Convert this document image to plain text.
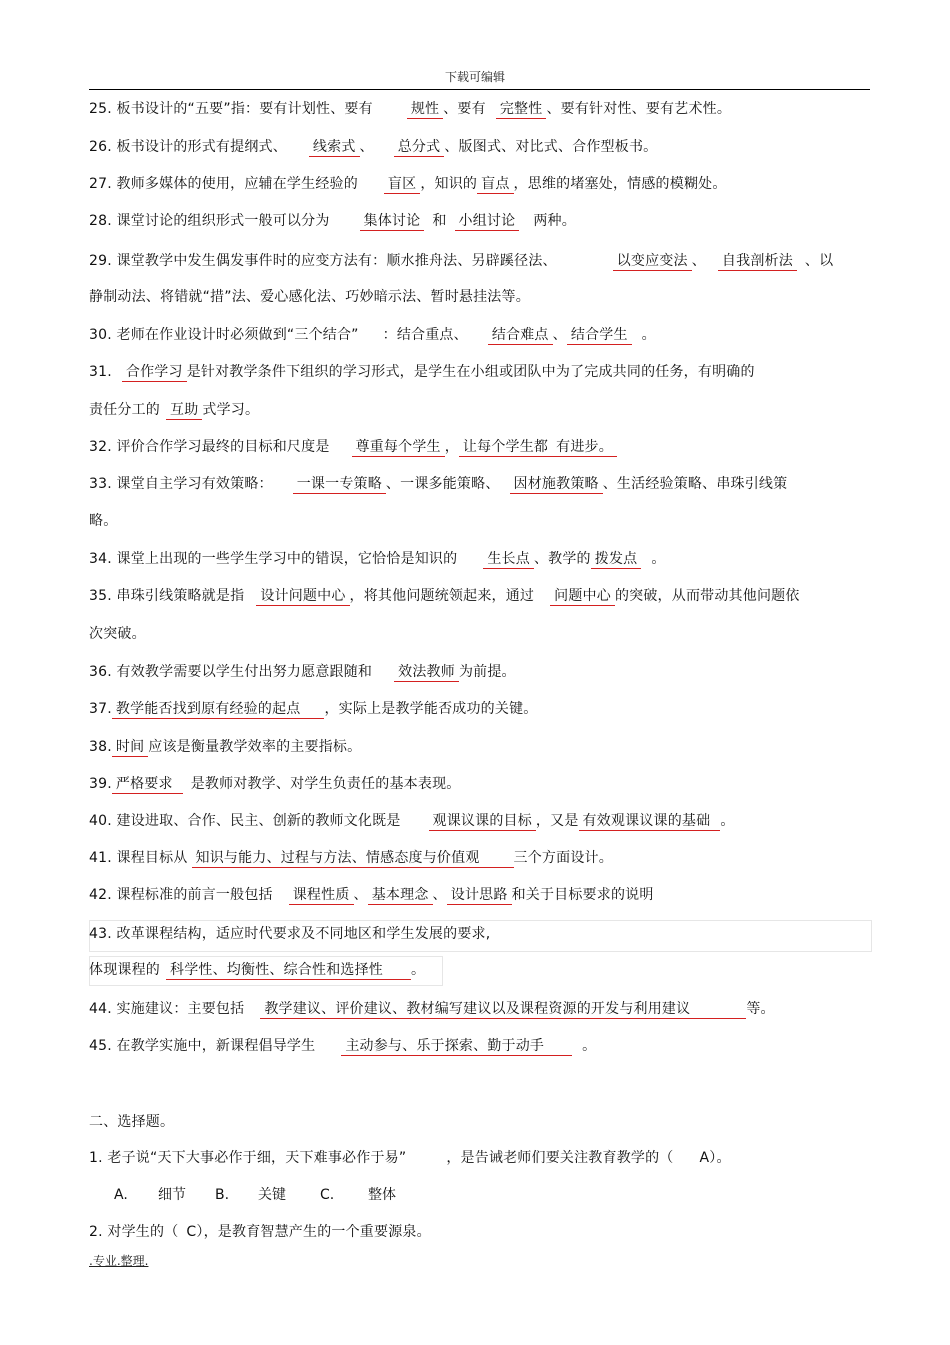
下载可编辑
25. 板书设计的“五要”指：要有计划性、要有	规性 、要有 完整性 、要有针对性、要有艺术性。
26. 板书设计的形式有提纲式、 线索式 、 总分式 、版图式、对比式、合作型板书。
27. 教师多媒体的使用，应辅在学生经验的 盲区 ，知识的 盲点 ，思维的堵塞处，情感的模糊处。
28. 课堂讨论的组织形式一般可以分为 集体讨论 和 小组讨论 两种。
29. 课堂教学中发生偶发事件时的应变方法有：顺水推舟法、另辟蹊径法、	以变应变法 、 自我剖析法 、以
静制动法、将错就“措”法、爱心感化法、巧妙暗示法、暂时悬挂法等。
30. 老师在作业设计时必须做到“三个结合” ：结合重点、 结合难点 、 结合学生 。
31. 合作学习 是针对教学条件下组织的学习形式，是学生在小组或团队中为了完成共同的任务，有明确的
责任分工的 互助 式学习。
32. 评价合作学习最终的目标和尺度是 尊重每个学生 ， 让每个学生都 有进步。
33. 课堂自主学习有效策略： 一课一专策略 、一课多能策略、 因材施教策略 、生活经验策略、串珠引线策
略。
34. 课堂上出现的一些学生学习中的错误，它恰恰是知识的 生长点 、教学的 拨发点 。
35. 串珠引线策略就是指 设计问题中心 ，将其他问题统领起来，通过 问题中心 的突破，从而带动其他问题依
次突破。
36. 有效教学需要以学生付出努力愿意跟随和 效法教师 为前提。
37. 教学能否找到原有经验的起点 ，实际上是教学能否成功的关键。
38. 时间 应该是衡量教学效率的主要指标。
39. 严格要求 是教师对教学、对学生负责任的基本表现。
40. 建设进取、合作、民主、创新的教师文化既是 观课议课的目标 ，又是 有效观课议课的基础 。
41. 课程目标从 知识与能力、过程与方法、情感态度与价值观 三个方面设计。
42. 课程标准的前言一般包括 课程性质 、 基本理念 、 设计思路 和关于目标要求的说明
43. 改革课程结构，适应时代要求及不同地区和学生发展的要求,
体现课程的 科学性、均衡性、综合性和选择性 。
44. 实施建议：主要包括 教学建议、评价建议、教材编写建议以及课程资源的开发与利用建议	等。
45. 在教学实施中，新课程倡导学生 主动参与、乐于探索、勤于动手	。
二、选择题。
1. 老子说“天下大事必作于细，天下难事必作于易”	，是告诫老师们要关注教育教学的（ A）。
A. 细节 B. 关键 C. 整体
2. 对学生的（ C），是教育智慧产生的一个重要源泉。
.专业.整理.
